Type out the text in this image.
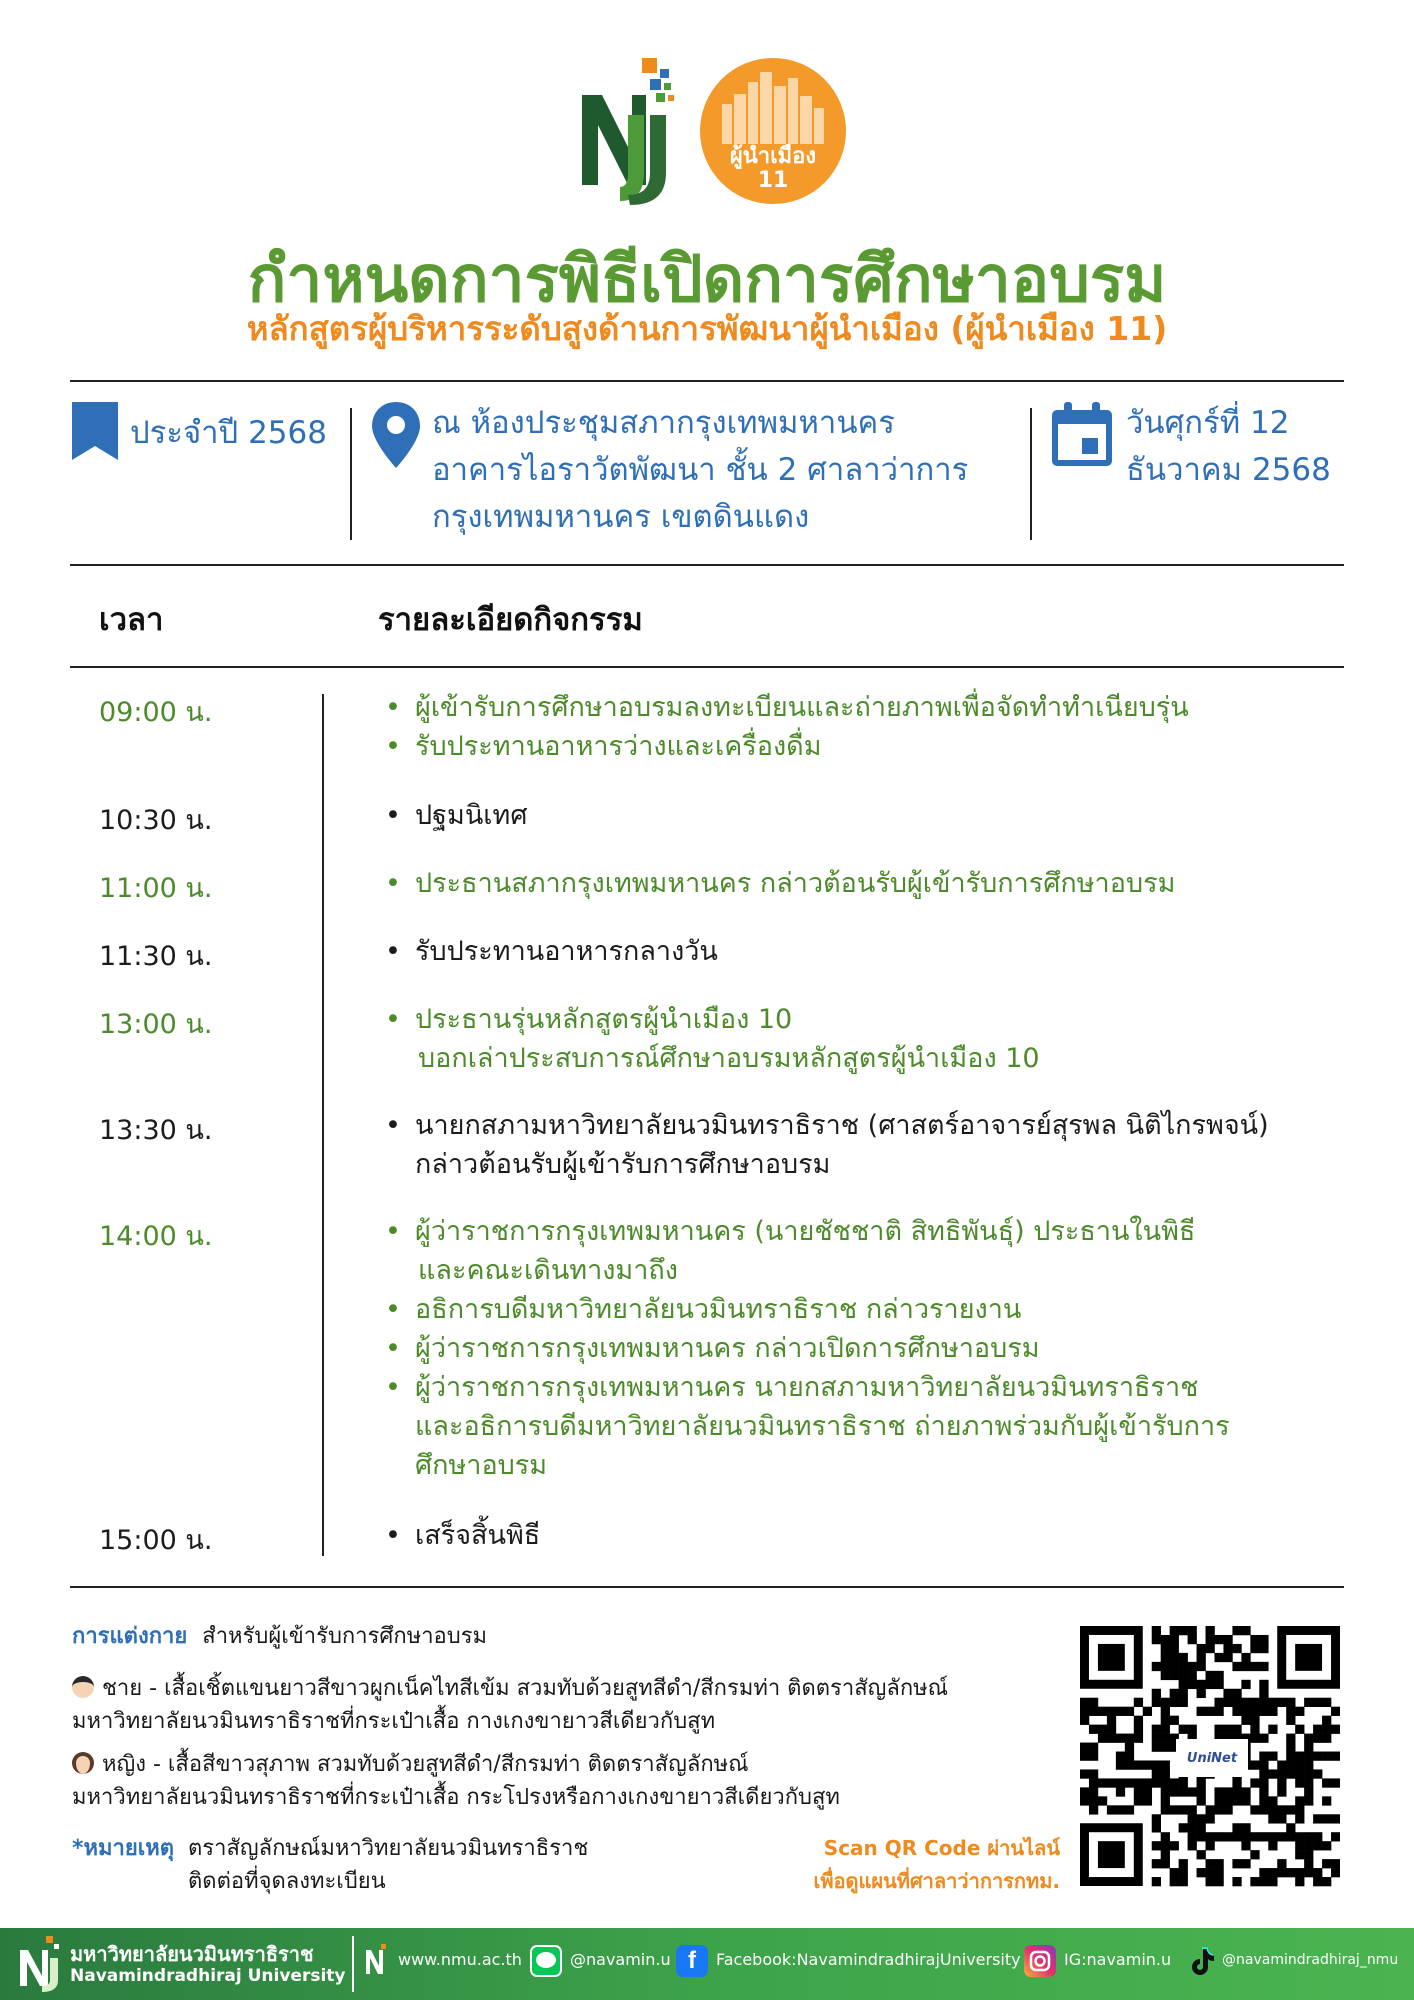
ผู้นำเมือง
11
กำหนดการพิธีเปิดการศึกษาอบรม
หลักสูตรผู้บริหารระดับสูงด้านการพัฒนาผู้นำเมือง (ผู้นำเมือง 11)
ประจำปี 2568	ณ ห้องประชุมสภากรุงเทพมหานคร
อาคารไอราวัตพัฒนา ชั้น 2 ศาลาว่าการ
กรุงเทพมหานคร เขตดินแดง
วันศุกร์ที่ 12
ธันวาคม 2568
เวลา	รายละเอียดกิจกรรม
09:00 น.	• ผู้เข้ารับการศึกษาอบรมลงทะเบียนและถ่ายภาพเพื่อจัดทำทำเนียบรุ่น
• รับประทานอาหารว่างและเครื่องดื่ม
10:30 น.	• ปฐมนิเทศ
11:00 น.	• ประธานสภากรุงเทพมหานคร กล่าวต้อนรับผู้เข้ารับการศึกษาอบรม
11:30 น.	• รับประทานอาหารกลางวัน
13:00 น.	• ประธานรุ่นหลักสูตรผู้นำเมือง 10
บอกเล่าประสบการณ์ศึกษาอบรมหลักสูตรผู้นำเมือง 10
13:30 น.	• นายกสภามหาวิทยาลัยนวมินทราธิราช (ศาสตร์อาจารย์สุรพล นิติไกรพจน์)
กล่าวต้อนรับผู้เข้ารับการศึกษาอบรม
14:00 น.	• ผู้ว่าราชการกรุงเทพมหานคร (นายชัชชาติ สิทธิพันธุ์) ประธานในพิธี
และคณะเดินทางมาถึง
• อธิการบดีมหาวิทยาลัยนวมินทราธิราช กล่าวรายงาน
• ผู้ว่าราชการกรุงเทพมหานคร กล่าวเปิดการศึกษาอบรม
• ผู้ว่าราชการกรุงเทพมหานคร นายกสภามหาวิทยาลัยนวมินทราธิราช
และอธิการบดีมหาวิทยาลัยนวมินทราธิราช ถ่ายภาพร่วมกับผู้เข้ารับการ
ศึกษาอบรม
15:00 น.	• เสร็จสิ้นพิธี
การแต่งกาย สำหรับผู้เข้ารับการศึกษาอบรม
ชาย - เสื้อเชิ้ตแขนยาวสีขาวผูกเน็คไทสีเข้ม สวมทับด้วยสูทสีดำ/สีกรมท่า ติดตราสัญลักษณ์
มหาวิทยาลัยนวมินทราธิราชที่กระเป๋าเสื้อ กางเกงขายาวสีเดียวกับสูท
หญิง - เสื้อสีขาวสุภาพ สวมทับด้วยสูทสีดำ/สีกรมท่า ติดตราสัญลักษณ์
มหาวิทยาลัยนวมินทราธิราชที่กระเป๋าเสื้อ กระโปรงหรือกางเกงขายาวสีเดียวกับสูท
*หมายเหตุ ตราสัญลักษณ์มหาวิทยาลัยนวมินทราธิราช
ติดต่อที่จุดลงทะเบียน
Scan QR Code ผ่านไลน์
เพื่อดูแผนที่ศาลาว่าการกทม.
UniNet
มหาวิทยาลัยนวมินทราธิราช
Navamindradhiraj University
www.nmu.ac.th	@navamin.u f	Facebook:NavamindradhirajUniversity	IG:navamin.u	@navamindradhiraj_nmu
